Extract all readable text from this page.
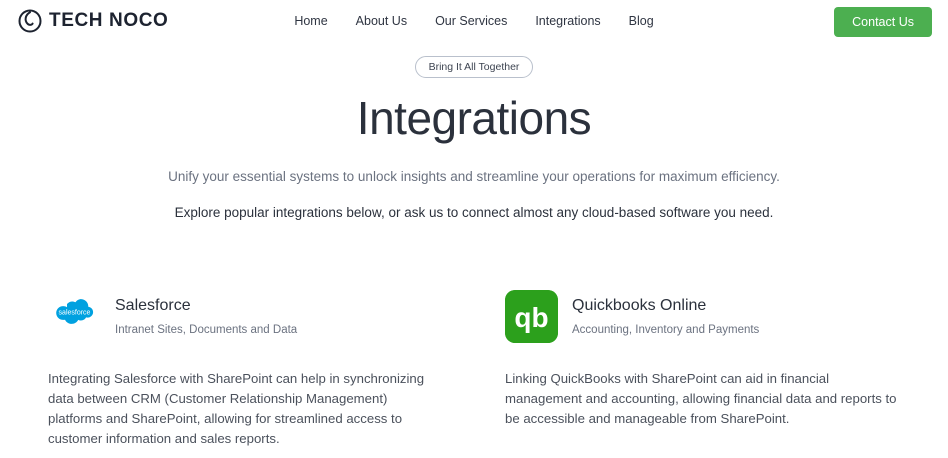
TECH NOCO	Home About Us Our Services Integrations Blog	Contact Us
Bring It All Together
Integrations

Unify your essential systems to unlock insights and streamline your operations for maximum efficiency.

Explore popular integrations below, or ask us to connect almost any cloud-based software you need.

salesforce Salesforce
Intranet Sites, Documents and Data

Integrating Salesforce with SharePoint can help in synchronizing data between CRM (Customer Relationship Management) platforms and SharePoint, allowing for streamlined access to customer information and sales reports.

qb Quickbooks Online
Accounting, Inventory and Payments

Linking QuickBooks with SharePoint can aid in financial management and accounting, allowing financial data and reports to be accessible and manageable from SharePoint.
